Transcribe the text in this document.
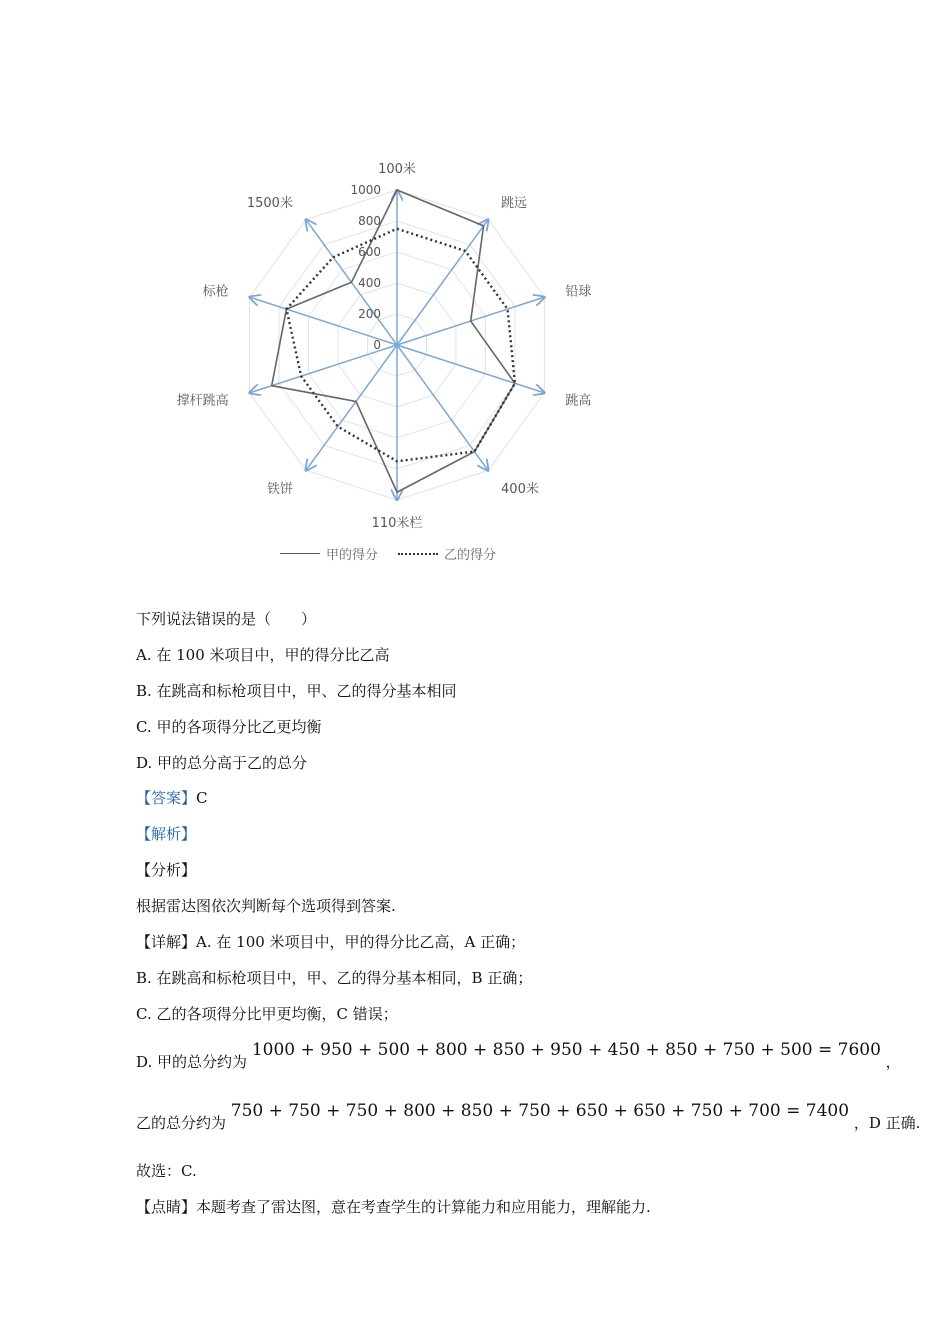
0
200
400
600
800
1000
100米
跳远
铅球
跳高
400米
110米栏
铁饼
撑杆跳高
标枪
1500米
甲的得分	乙的得分
下列说法错误的是（　　）
A. 在 100 米项目中，甲的得分比乙高
B. 在跳高和标枪项目中，甲、乙的得分基本相同
C. 甲的各项得分比乙更均衡
D. 甲的总分高于乙的总分
【答案】C
【解析】
【分析】
根据雷达图依次判断每个选项得到答案.
【详解】A. 在 100 米项目中，甲的得分比乙高，A 正确；
B. 在跳高和标枪项目中，甲、乙的得分基本相同，B 正确；
C. 乙的各项得分比甲更均衡，C 错误；
D. 甲的总分约为 1000 + 950 + 500 + 800 + 850 + 950 + 450 + 850 + 750 + 500 = 7600 ，
乙的总分约为 750 + 750 + 750 + 800 + 850 + 750 + 650 + 650 + 750 + 700 = 7400 ，D 正确.
故选：C.
【点睛】本题考查了雷达图，意在考查学生的计算能力和应用能力，理解能力.
